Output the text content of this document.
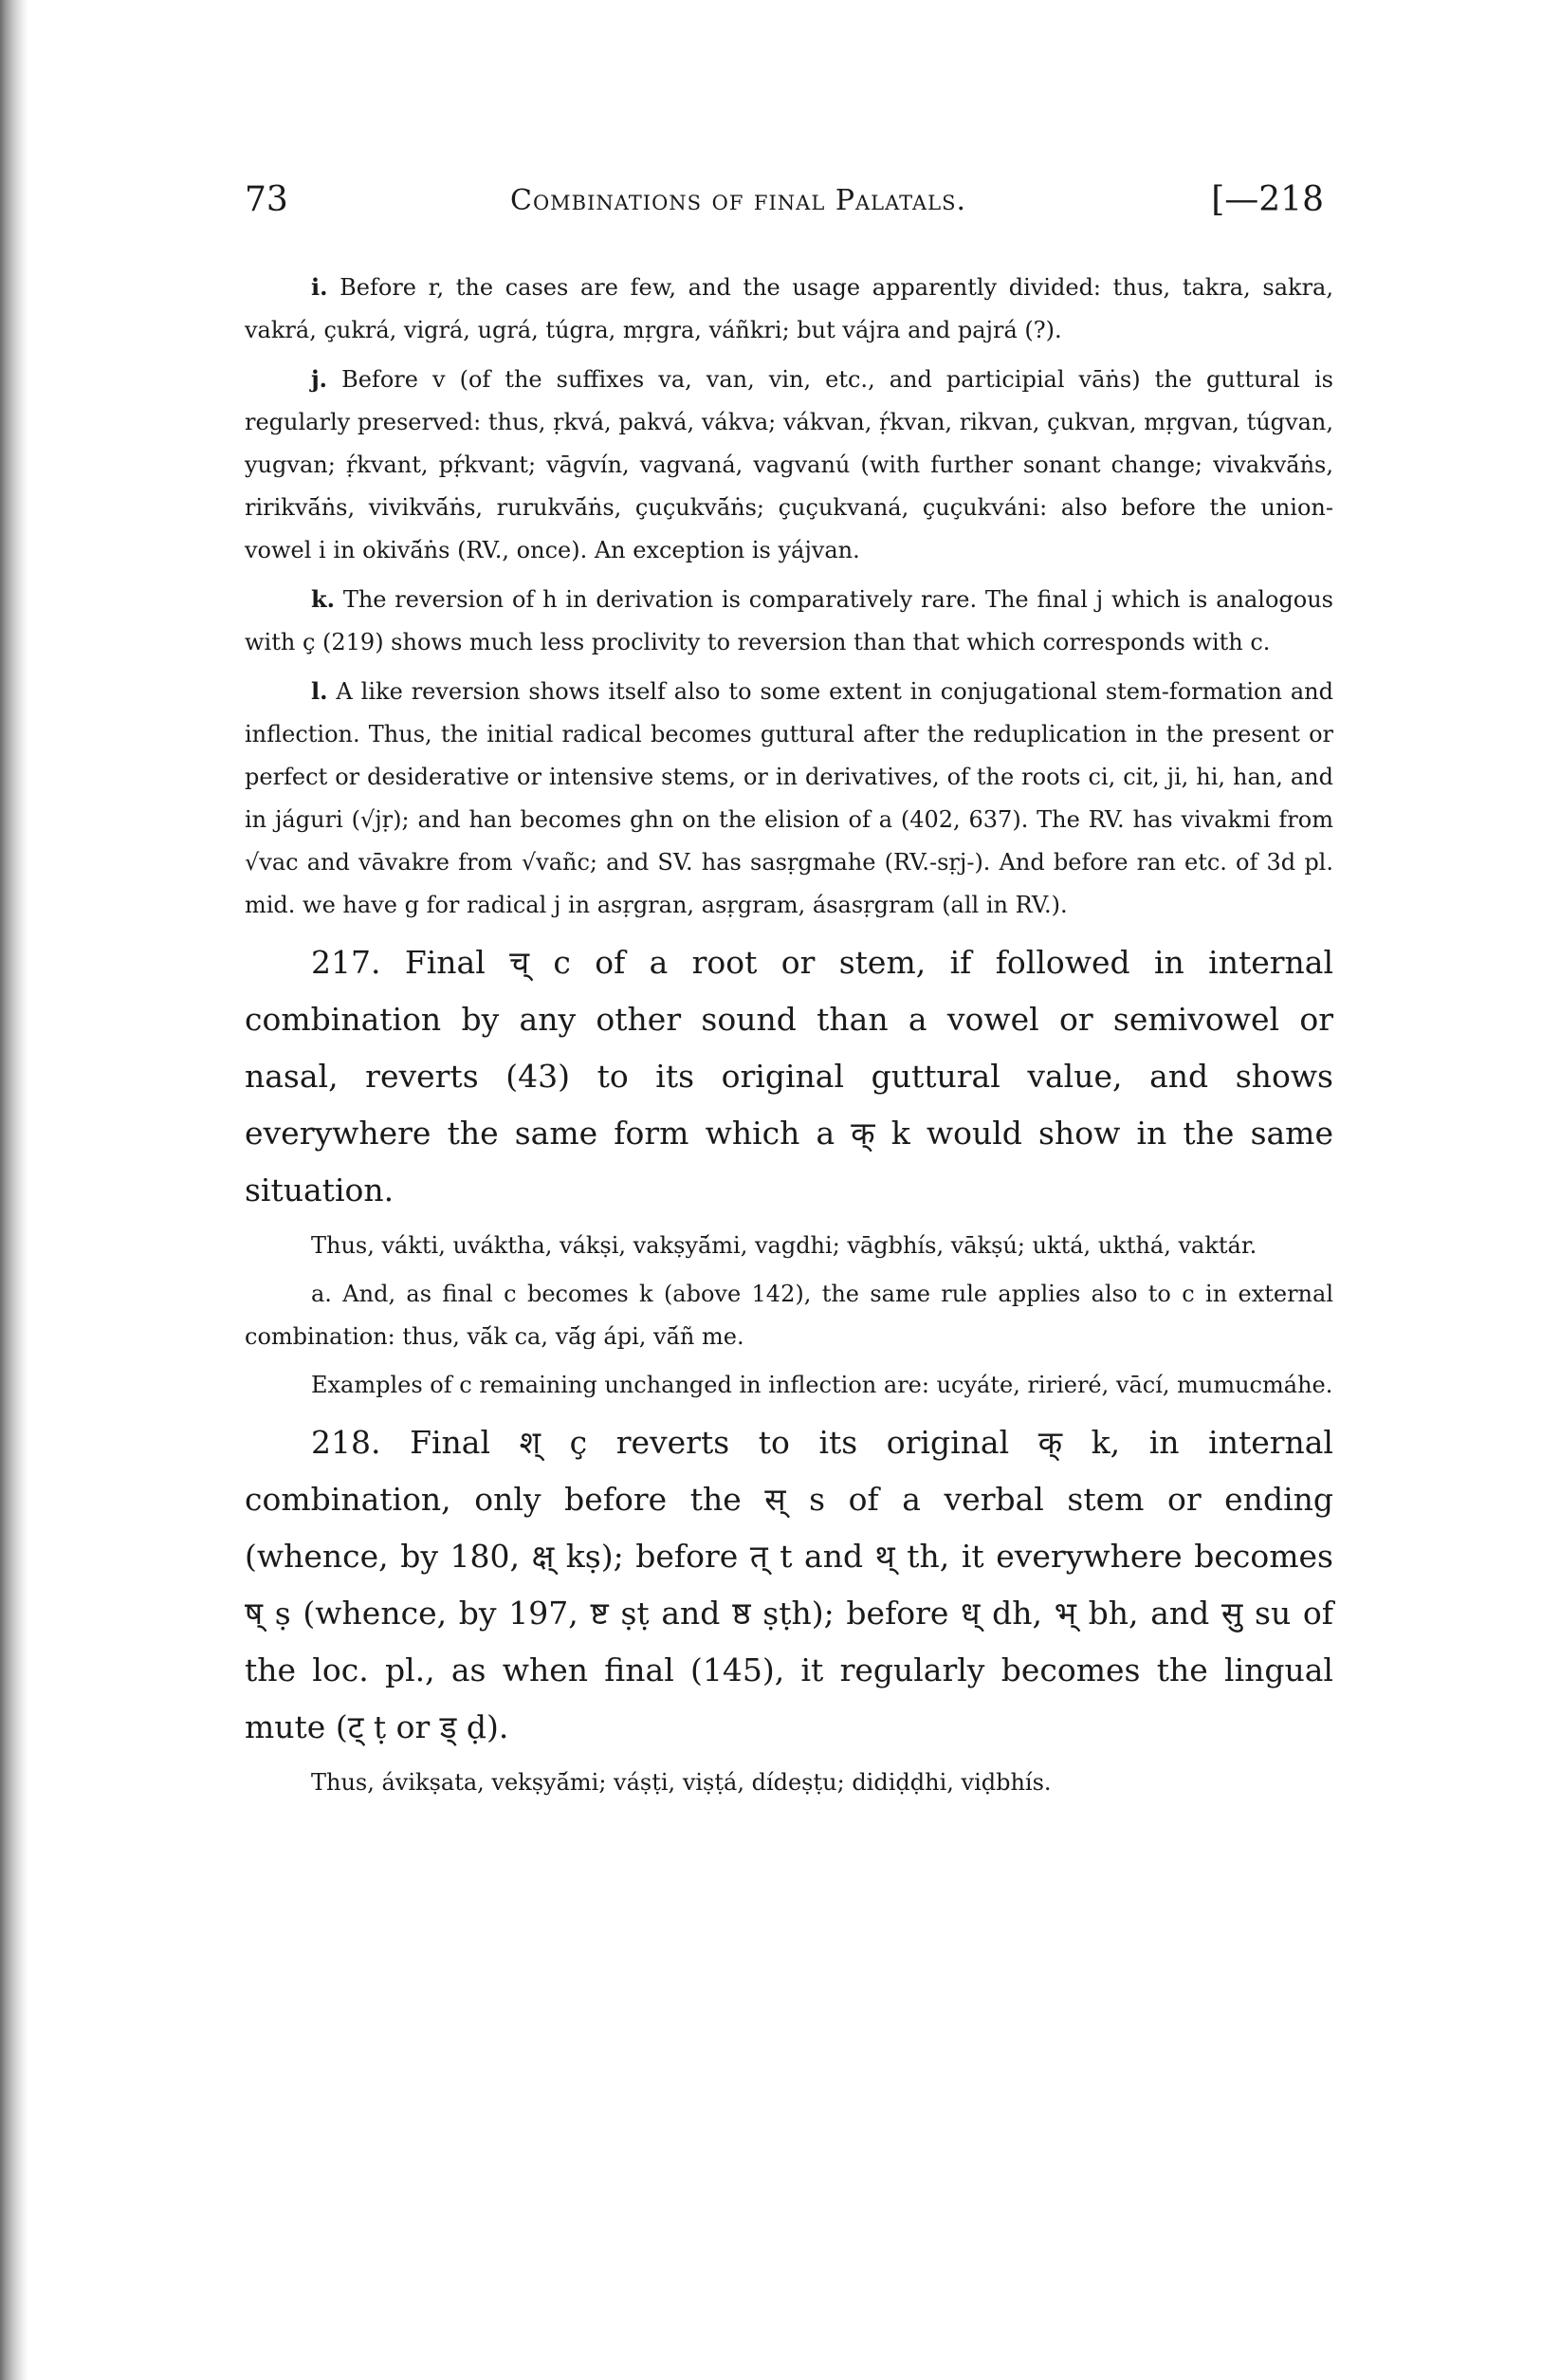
73	Combinations of final Palatals.	[—218

i. Before r, the cases are few, and the usage apparently divided: thus, takra, sakra, vakrá, çukrá, vigrá, ugrá, túgra, mṛgra, váñkri; but vájra and pajrá (?).

j. Before v (of the suffixes va, van, vin, etc., and participial vāṅs) the guttural is regularly preserved: thus, ṛkvá, pakvá, vákva; vákvan, ṛ́kvan, rikvan, çukvan, mṛgvan, túgvan, yugvan; ṛ́kvant, pṛ́kvant; vāgvín, vagvaná, vagvanú (with further sonant change; vivakvā́ṅs, ririkvā́ṅs, vivikvā́ṅs, rurukvā́ṅs, çuçukvā́ṅs; çuçukvaná, çuçukváni: also before the union-vowel i in okivā́ṅs (RV., once). An exception is yájvan.

k. The reversion of h in derivation is comparatively rare. The final j which is analogous with ç (219) shows much less proclivity to reversion than that which corresponds with c.

l. A like reversion shows itself also to some extent in conjugational stem-formation and inflection. Thus, the initial radical becomes guttural after the reduplication in the present or perfect or desiderative or intensive stems, or in derivatives, of the roots ci, cit, ji, hi, han, and in jáguri (√jṛ); and han becomes ghn on the elision of a (402, 637). The RV. has vivakmi from √vac and vāvakre from √vañc; and SV. has sasṛgmahe (RV.-sṛj-). And before ran etc. of 3d pl. mid. we have g for radical j in asṛgran, asṛgram, ásasṛgram (all in RV.).

217. Final च् c of a root or stem, if followed in internal combination by any other sound than a vowel or semivowel or nasal, reverts (43) to its original guttural value, and shows everywhere the same form which a क् k would show in the same situation.

Thus, vákti, uváktha, vákṣi, vakṣyā́mi, vagdhi; vāgbhís, vākṣú; uktá, ukthá, vaktár.

a. And, as final c becomes k (above 142), the same rule applies also to c in external combination: thus, vā́k ca, vā́g ápi, vā́ñ me.

Examples of c remaining unchanged in inflection are: ucyáte, ririeré, vācí, mumucmáhe.

218. Final श् ç reverts to its original क् k, in internal combination, only before the स् s of a verbal stem or ending (whence, by 180, क्ष् kṣ); before त् t and थ् th, it everywhere becomes ष् ṣ (whence, by 197, ष्ट ṣṭ and ष्ठ ṣṭh); before ध् dh, भ् bh, and सु su of the loc. pl., as when final (145), it regularly becomes the lingual mute (ट् ṭ or ड् ḍ).

Thus, ávikṣata, vekṣyā́mi; váṣṭi, viṣṭá, dídeṣṭu; didiḍḍhi, viḍbhís.
